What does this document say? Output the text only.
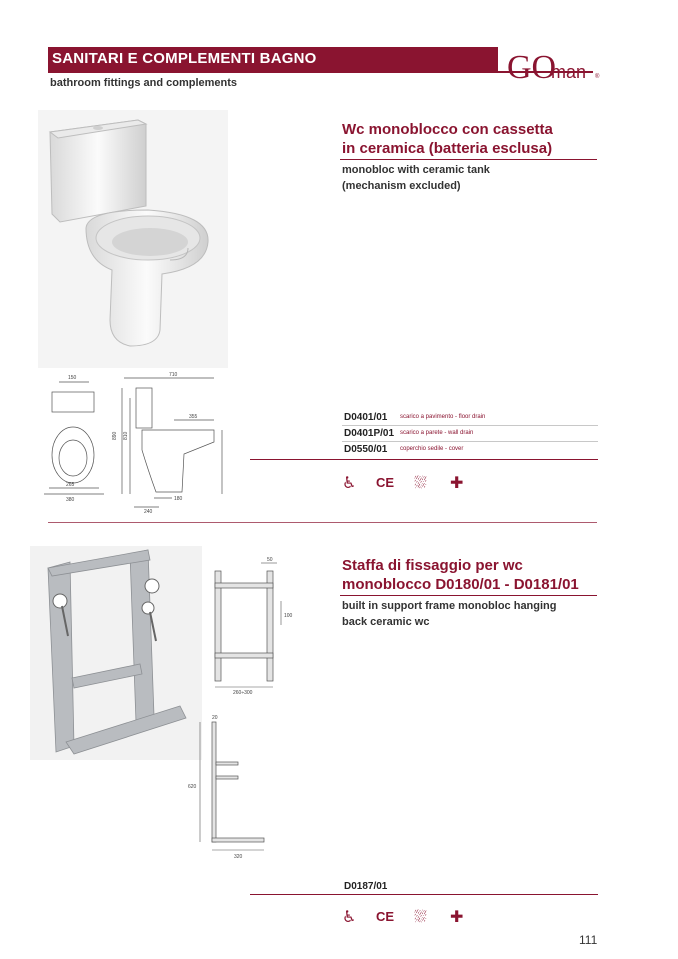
SANITARI E COMPLEMENTI BAGNO
bathroom fittings and complements	GO
man ®
150	710
890 810
355
265
380	180
240
Wc monoblocco con cassetta
in ceramica (batteria esclusa)
monobloc with ceramic tank
(mechanism excluded)
D0401/01 scarico a pavimento - floor drain
D0401P/01 scarico a parete - wall drain
D0550/01 coperchio sedile - cover
♿ CE ⛆ ✚
50
100
260÷300
20
620
320
Staffa di fissaggio per wc
monoblocco D0180/01 - D0181/01
built in support frame monobloc hanging
back ceramic wc
D0187/01
♿ CE ⛆ ✚
111
